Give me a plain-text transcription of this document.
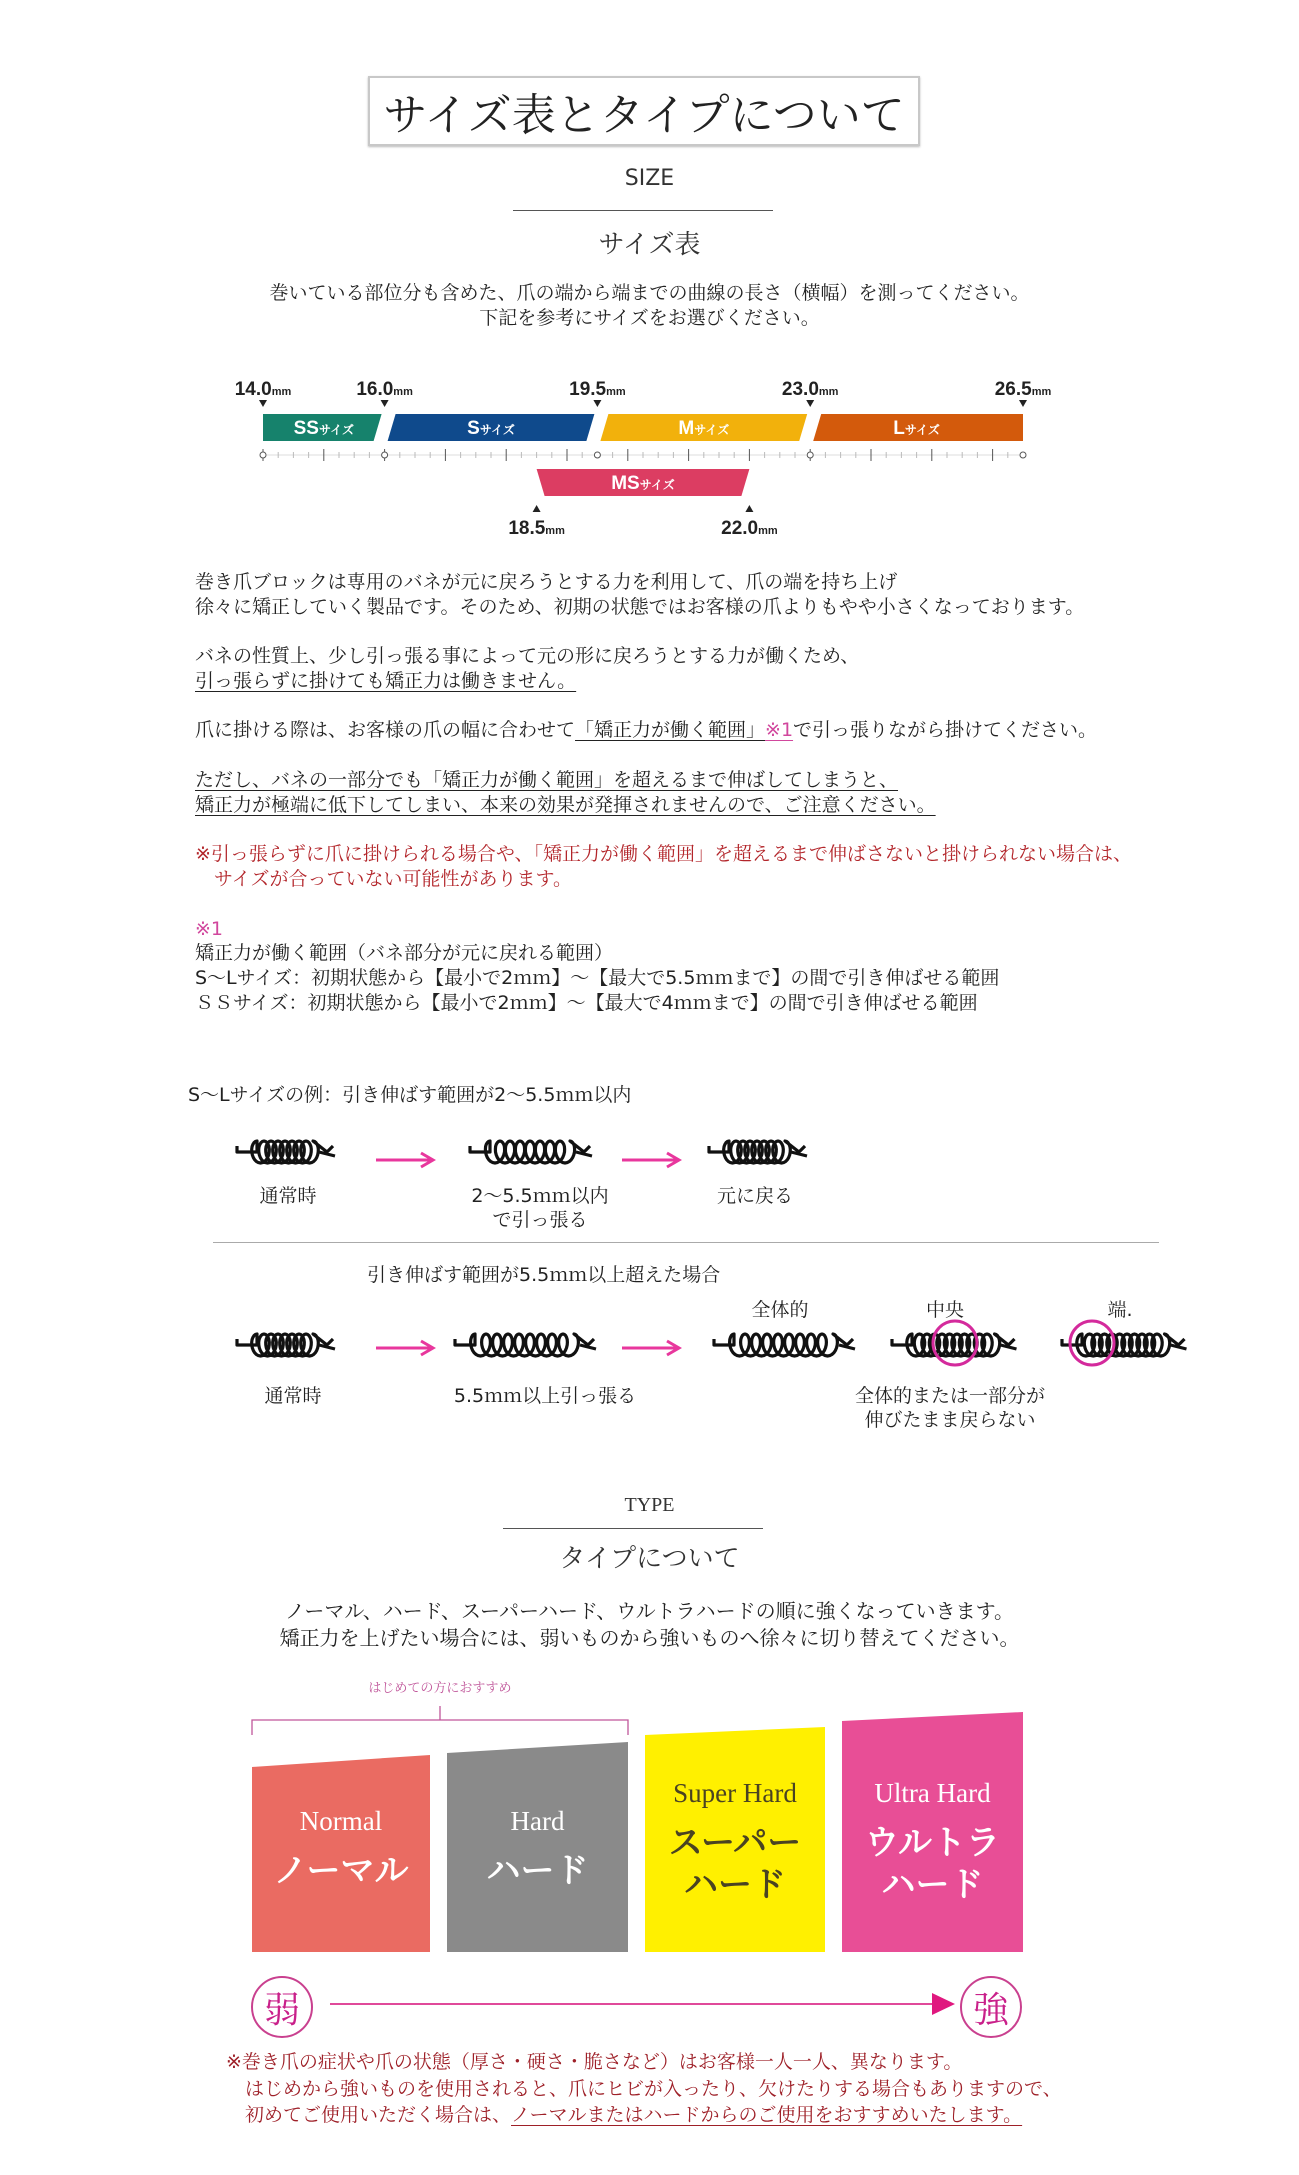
サイズ表とタイプについて
SIZE
サイズ表
巻いている部位分も含めた、爪の端から端までの曲線の長さ（横幅）を測ってください。
下記を参考にサイズをお選びください。
SSサイズ	Sサイズ	Mサイズ	Lサイズ
MSサイズ
14.0mm	16.0mm	19.5mm	23.0mm	26.5mm
18.5mm	22.0mm
巻き爪ブロックは専用のバネが元に戻ろうとする力を利用して、爪の端を持ち上げ
徐々に矯正していく製品です。そのため、初期の状態ではお客様の爪よりもやや小さくなっております。
バネの性質上、少し引っ張る事によって元の形に戻ろうとする力が働くため、
引っ張らずに掛けても矯正力は働きません。
爪に掛ける際は、お客様の爪の幅に合わせて「矯正力が働く範囲」※1で引っ張りながら掛けてください。
ただし、バネの一部分でも「矯正力が働く範囲」を超えるまで伸ばしてしまうと、
矯正力が極端に低下してしまい、本来の効果が発揮されませんので、ご注意ください。
※引っ張らずに爪に掛けられる場合や、「矯正力が働く範囲」を超えるまで伸ばさないと掛けられない場合は、
　サイズが合っていない可能性があります。
※1
矯正力が働く範囲（バネ部分が元に戻れる範囲）
S～Lサイズ：初期状態から【最小で2ｍｍ】～【最大で5.5ｍｍまで】の間で引き伸ばせる範囲
ＳＳサイズ：初期状態から【最小で2ｍｍ】～【最大で4ｍｍまで】の間で引き伸ばせる範囲
S～Lサイズの例：引き伸ばす範囲が2～5.5ｍｍ以内
通常時	2～5.5ｍｍ以内
で引っ張る
元に戻る
引き伸ばす範囲が5.5ｍｍ以上超えた場合
全体的	中央	端.
通常時	5.5ｍｍ以上引っ張る	全体的または一部分が
伸びたまま戻らない
TYPE
タイプについて
ノーマル、ハード、スーパーハード、ウルトラハードの順に強くなっていきます。
矯正力を上げたい場合には、弱いものから強いものへ徐々に切り替えてください。
はじめての方におすすめ
Normal
ノーマル
Hard
ハード
Super Hard
スーパー
ハード
Ultra Hard
ウルトラ
ハード
弱	強
※巻き爪の症状や爪の状態（厚さ・硬さ・脆さなど）はお客様一人一人、異なります。
　はじめから強いものを使用されると、爪にヒビが入ったり、欠けたりする場合もありますので、
　初めてご使用いただく場合は、ノーマルまたはハードからのご使用をおすすめいたします。
